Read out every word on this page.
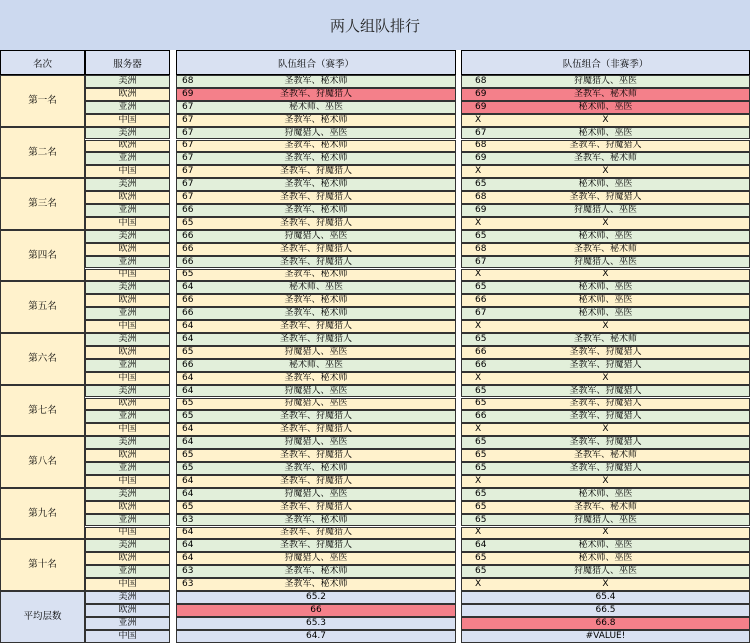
两人组队排行
名次	服务器	队伍组合（赛季）	队伍组合（非赛季）
第一名
美洲	68	圣教军、秘术师	68	狩魔猎人、巫医
欧洲	69	圣教军、狩魔猎人	69	圣教军、秘术师
亚洲	67	秘术师、巫医	69	秘术师、巫医
中国	67	圣教军、秘术师	X	X
第二名
美洲	67	狩魔猎人、巫医	67	秘术师、巫医
欧洲	67	圣教军、秘术师	68	圣教军、狩魔猎人
亚洲	67	圣教军、秘术师	69	圣教军、秘术师
中国	67	圣教军、狩魔猎人	X	X
第三名
美洲	67	圣教军、秘术师	65	秘术师、巫医
欧洲	67	圣教军、狩魔猎人	68	圣教军、狩魔猎人
亚洲	66	圣教军、秘术师	69	狩魔猎人、巫医
中国	65	圣教军、狩魔猎人	X	X
第四名
美洲	66	狩魔猎人、巫医	65	秘术师、巫医
欧洲	66	圣教军、狩魔猎人	68	圣教军、秘术师
亚洲	66	圣教军、狩魔猎人	67	狩魔猎人、巫医
中国	65	圣教军、秘术师	X	X
第五名
美洲	64	秘术师、巫医	65	秘术师、巫医
欧洲	66	圣教军、秘术师	66	秘术师、巫医
亚洲	66	圣教军、秘术师	67	秘术师、巫医
中国	64	圣教军、狩魔猎人	X	X
第六名
美洲	64	圣教军、狩魔猎人	65	圣教军、秘术师
欧洲	65	狩魔猎人、巫医	66	圣教军、狩魔猎人
亚洲	66	秘术师、巫医	66	圣教军、狩魔猎人
中国	64	圣教军、秘术师	X	X
第七名
美洲	64	狩魔猎人、巫医	65	圣教军、狩魔猎人
欧洲	65	狩魔猎人、巫医	65	圣教军、狩魔猎人
亚洲	65	圣教军、狩魔猎人	66	圣教军、狩魔猎人
中国	64	圣教军、狩魔猎人	X	X
第八名
美洲	64	狩魔猎人、巫医	65	圣教军、狩魔猎人
欧洲	65	圣教军、狩魔猎人	65	圣教军、秘术师
亚洲	65	圣教军、秘术师	65	圣教军、狩魔猎人
中国	64	圣教军、狩魔猎人	X	X
第九名
美洲	64	狩魔猎人、巫医	65	秘术师、巫医
欧洲	65	圣教军、狩魔猎人	65	圣教军、秘术师
亚洲	63	圣教军、秘术师	65	狩魔猎人、巫医
中国	64	圣教军、狩魔猎人	X	X
第十名
美洲	64	圣教军、狩魔猎人	64	秘术师、巫医
欧洲	64	狩魔猎人、巫医	65	秘术师、巫医
亚洲	63	圣教军、秘术师	65	狩魔猎人、巫医
中国	63	圣教军、秘术师	X	X
平均层数
美洲	65.2	65.4
欧洲	66	66.5
亚洲	65.3	66.8
中国	64.7	#VALUE!
